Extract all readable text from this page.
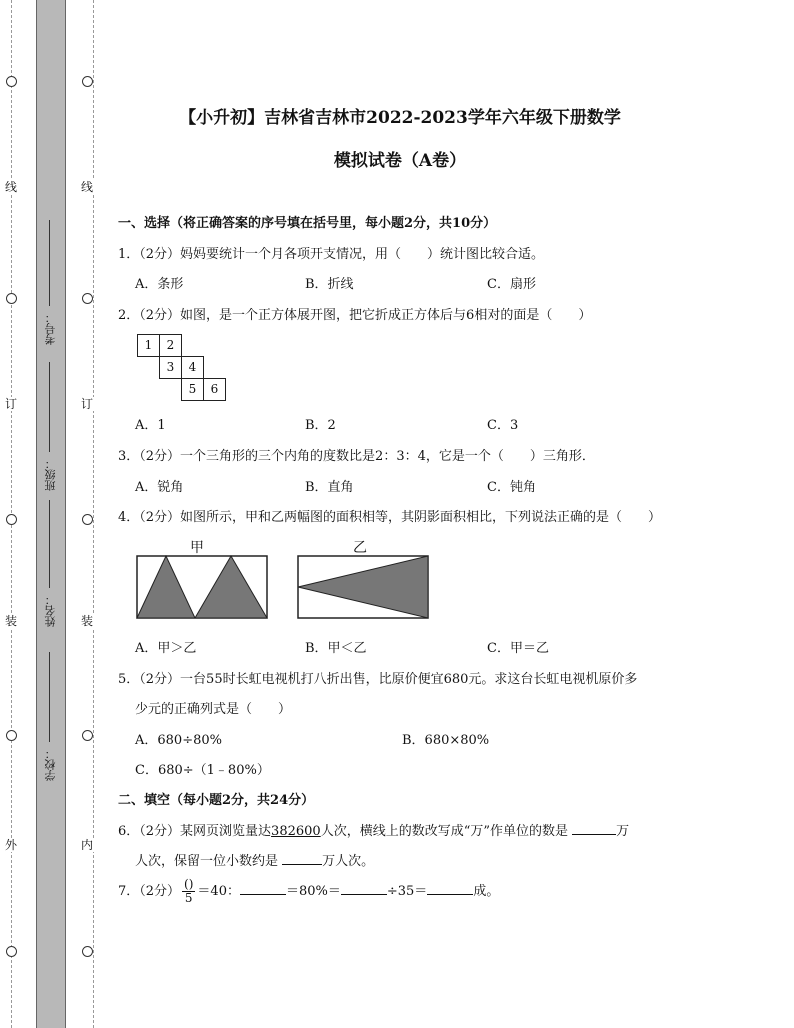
线
订
装
外
线
订
装
内
考号：
班级：
姓名：
学校：
【小升初】吉林省吉林市2022-2023学年六年级下册数学
模拟试卷（A卷）
一、选择（将正确答案的序号填在括号里，每小题2分，共10分）
1．（2分）妈妈要统计一个月各项开支情况，用（　　）统计图比较合适。
A．条形	B．折线	C．扇形
2．（2分）如图，是一个正方体展开图，把它折成正方体后与6相对的面是（　　）
1	2
3	4
5	6
A．1	B．2	C．3
3．（2分）一个三角形的三个内角的度数比是2：3：4，它是一个（　　）三角形．
A．锐角	B．直角	C．钝角
4．（2分）如图所示，甲和乙两幅图的面积相等，其阴影面积相比，下列说法正确的是（　　）
甲	乙
A．甲＞乙	B．甲＜乙	C．甲＝乙
5．（2分）一台55时长虹电视机打八折出售，比原价便宜680元。求这台长虹电视机原价多
少元的正确列式是（　　）
A．680÷80%	B．680×80%
C．680÷（1﹣80%）
二、填空（每小题2分，共24分）
6．（2分）某网页浏览量达382600人次，横线上的数改写成“万”作单位的数是	万
人次，保留一位小数约是	万人次。
7．（2分） $\frac{()}{5} =40$：	＝80%＝	÷35＝	成。
